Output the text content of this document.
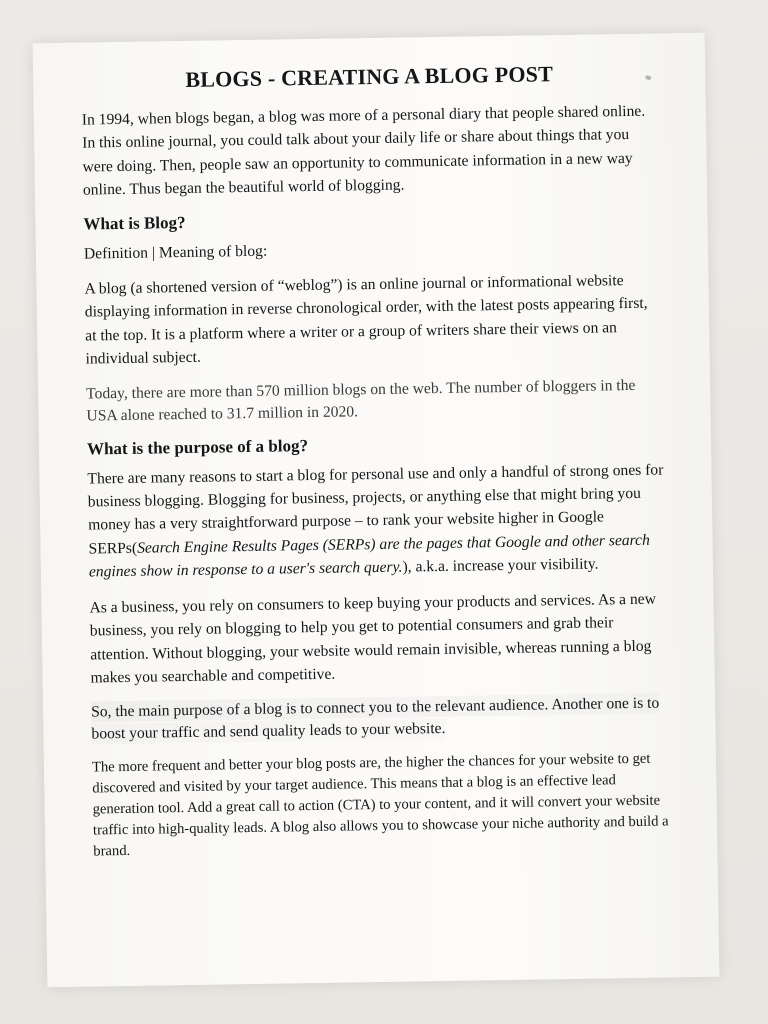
BLOGS - CREATING A BLOG POST

In 1994, when blogs began, a blog was more of a personal diary that people shared online. In this online journal, you could talk about your daily life or share about things that you were doing. Then, people saw an opportunity to communicate information in a new way online. Thus began the beautiful world of blogging.

What is Blog?

Definition | Meaning of blog:

A blog (a shortened version of “weblog”) is an online journal or informational website displaying information in reverse chronological order, with the latest posts appearing first, at the top. It is a platform where a writer or a group of writers share their views on an individual subject.

Today, there are more than 570 million blogs on the web. The number of bloggers in the USA alone reached to 31.7 million in 2020.

What is the purpose of a blog?

There are many reasons to start a blog for personal use and only a handful of strong ones for business blogging. Blogging for business, projects, or anything else that might bring you money has a very straightforward purpose – to rank your website higher in Google SERPs(Search Engine Results Pages (SERPs) are the pages that Google and other search engines show in response to a user's search query.), a.k.a. increase your visibility.

As a business, you rely on consumers to keep buying your products and services. As a new business, you rely on blogging to help you get to potential consumers and grab their attention. Without blogging, your website would remain invisible, whereas running a blog makes you searchable and competitive.

So, the main purpose of a blog is to connect you to the relevant audience. Another one is to boost your traffic and send quality leads to your website.

The more frequent and better your blog posts are, the higher the chances for your website to get discovered and visited by your target audience. This means that a blog is an effective lead generation tool. Add a great call to action (CTA) to your content, and it will convert your website traffic into high-quality leads. A blog also allows you to showcase your niche authority and build a brand.
